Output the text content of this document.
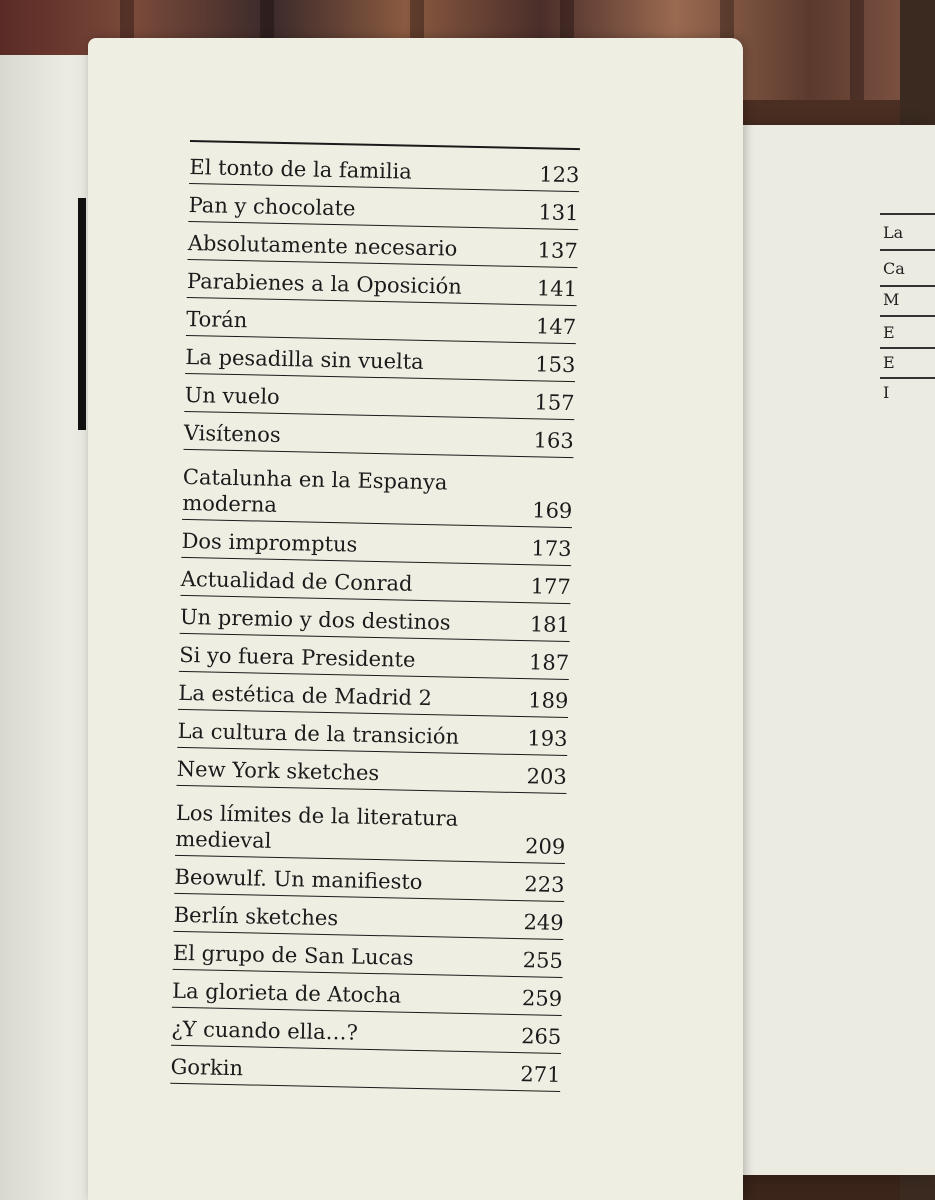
La
Ca
M
E
E
I
El tonto de la familia	123
Pan y chocolate	131
Absolutamente necesario	137
Parabienes a la Oposición	141
Torán	147
La pesadilla sin vuelta	153
Un vuelo	157
Visítenos	163
Catalunha en la Espanya moderna	169
Dos impromptus	173
Actualidad de Conrad	177
Un premio y dos destinos	181
Si yo fuera Presidente	187
La estética de Madrid 2	189
La cultura de la transición	193
New York sketches	203
Los límites de la literatura medieval	209
Beowulf. Un manifiesto	223
Berlín sketches	249
El grupo de San Lucas	255
La glorieta de Atocha	259
¿Y cuando ella…?	265
Gorkin	271
